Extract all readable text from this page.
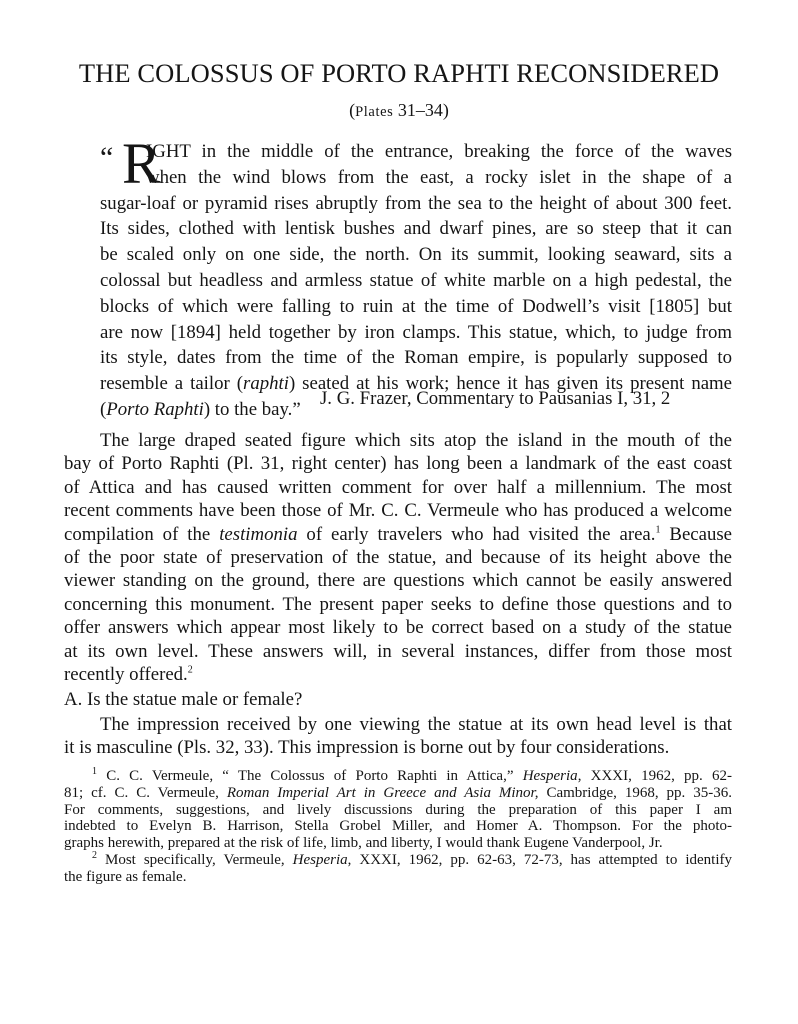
THE COLOSSUS OF PORTO RAPHTI RECONSIDERED
(Plates 31–34)
“ R
IGHT in the middle of the entrance, breaking the force of the waves
when the wind blows from the east, a rocky islet in the shape of a
sugar-loaf or pyramid rises abruptly from the sea to the height of about 300 feet.
Its sides, clothed with lentisk bushes and dwarf pines, are so steep that it can
be scaled only on one side, the north. On its summit, looking seaward, sits a
colossal but headless and armless statue of white marble on a high pedestal, the
blocks of which were falling to ruin at the time of Dodwell’s visit [1805] but
are now [1894] held together by iron clamps. This statue, which, to judge from
its style, dates from the time of the Roman empire, is popularly supposed to
resemble a tailor (raphti) seated at his work; hence it has given its present name
(Porto Raphti) to the bay.”
J. G. Frazer, Commentary to Pausanias I, 31, 2
The large draped seated figure which sits atop the island in the mouth of the
bay of Porto Raphti (Pl. 31, right center) has long been a landmark of the east coast
of Attica and has caused written comment for over half a millennium. The most
recent comments have been those of Mr. C. C. Vermeule who has produced a welcome
compilation of the testimonia of early travelers who had visited the area.$^1$ Because
of the poor state of preservation of the statue, and because of its height above the
viewer standing on the ground, there are questions which cannot be easily answered
concerning this monument. The present paper seeks to define those questions and to
offer answers which appear most likely to be correct based on a study of the statue
at its own level. These answers will, in several instances, differ from those most
recently offered.$^2$
A. Is the statue male or female?
The impression received by one viewing the statue at its own head level is that
it is masculine (Pls. 32, 33). This impression is borne out by four considerations.
$^1$ C. C. Vermeule, “ The Colossus of Porto Raphti in Attica,” Hesperia, XXXI, 1962, pp. 62-
81; cf. C. C. Vermeule, Roman Imperial Art in Greece and Asia Minor, Cambridge, 1968, pp. 35-36.
For comments, suggestions, and lively discussions during the preparation of this paper I am
indebted to Evelyn B. Harrison, Stella Grobel Miller, and Homer A. Thompson. For the photo-
graphs herewith, prepared at the risk of life, limb, and liberty, I would thank Eugene Vanderpool, Jr.
$^2$ Most specifically, Vermeule, Hesperia, XXXI, 1962, pp. 62-63, 72-73, has attempted to identify
the figure as female.
